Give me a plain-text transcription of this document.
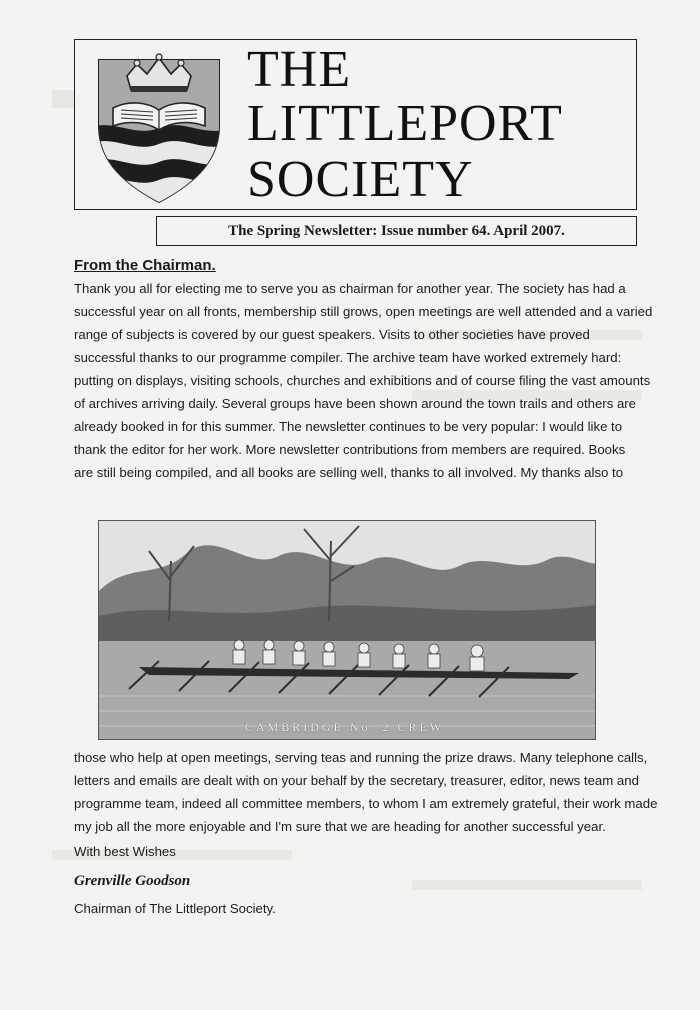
THE
LITTLEPORT
SOCIETY
The Spring Newsletter: Issue number 64. April 2007.
From the Chairman.
Thank you all for electing me to serve you as chairman for another year. The society has had a
successful year on all fronts, membership still grows, open meetings are well attended and a varied
range of subjects is covered by our guest speakers. Visits to other societies have proved
successful thanks to our programme compiler. The archive team have worked extremely hard:
putting on displays, visiting schools, churches and exhibitions and of course filing the vast amounts
of archives arriving daily. Several groups have been shown around the town trails and others are
already booked in for this summer. The newsletter continues to be very popular: I would like to
thank the editor for her work. More newsletter contributions from members are required. Books
are still being compiled, and all books are selling well, thanks to all involved. My thanks also to
CAMBRIDGE No. 2 CREW.
those who help at open meetings, serving teas and running the prize draws. Many telephone calls,
letters and emails are dealt with on your behalf by the secretary, treasurer, editor, news team and
programme team, indeed all committee members, to whom I am extremely grateful, their work made
my job all the more enjoyable and I'm sure that we are heading for another successful year.
With best Wishes
Grenville Goodson
Chairman of The Littleport Society.
